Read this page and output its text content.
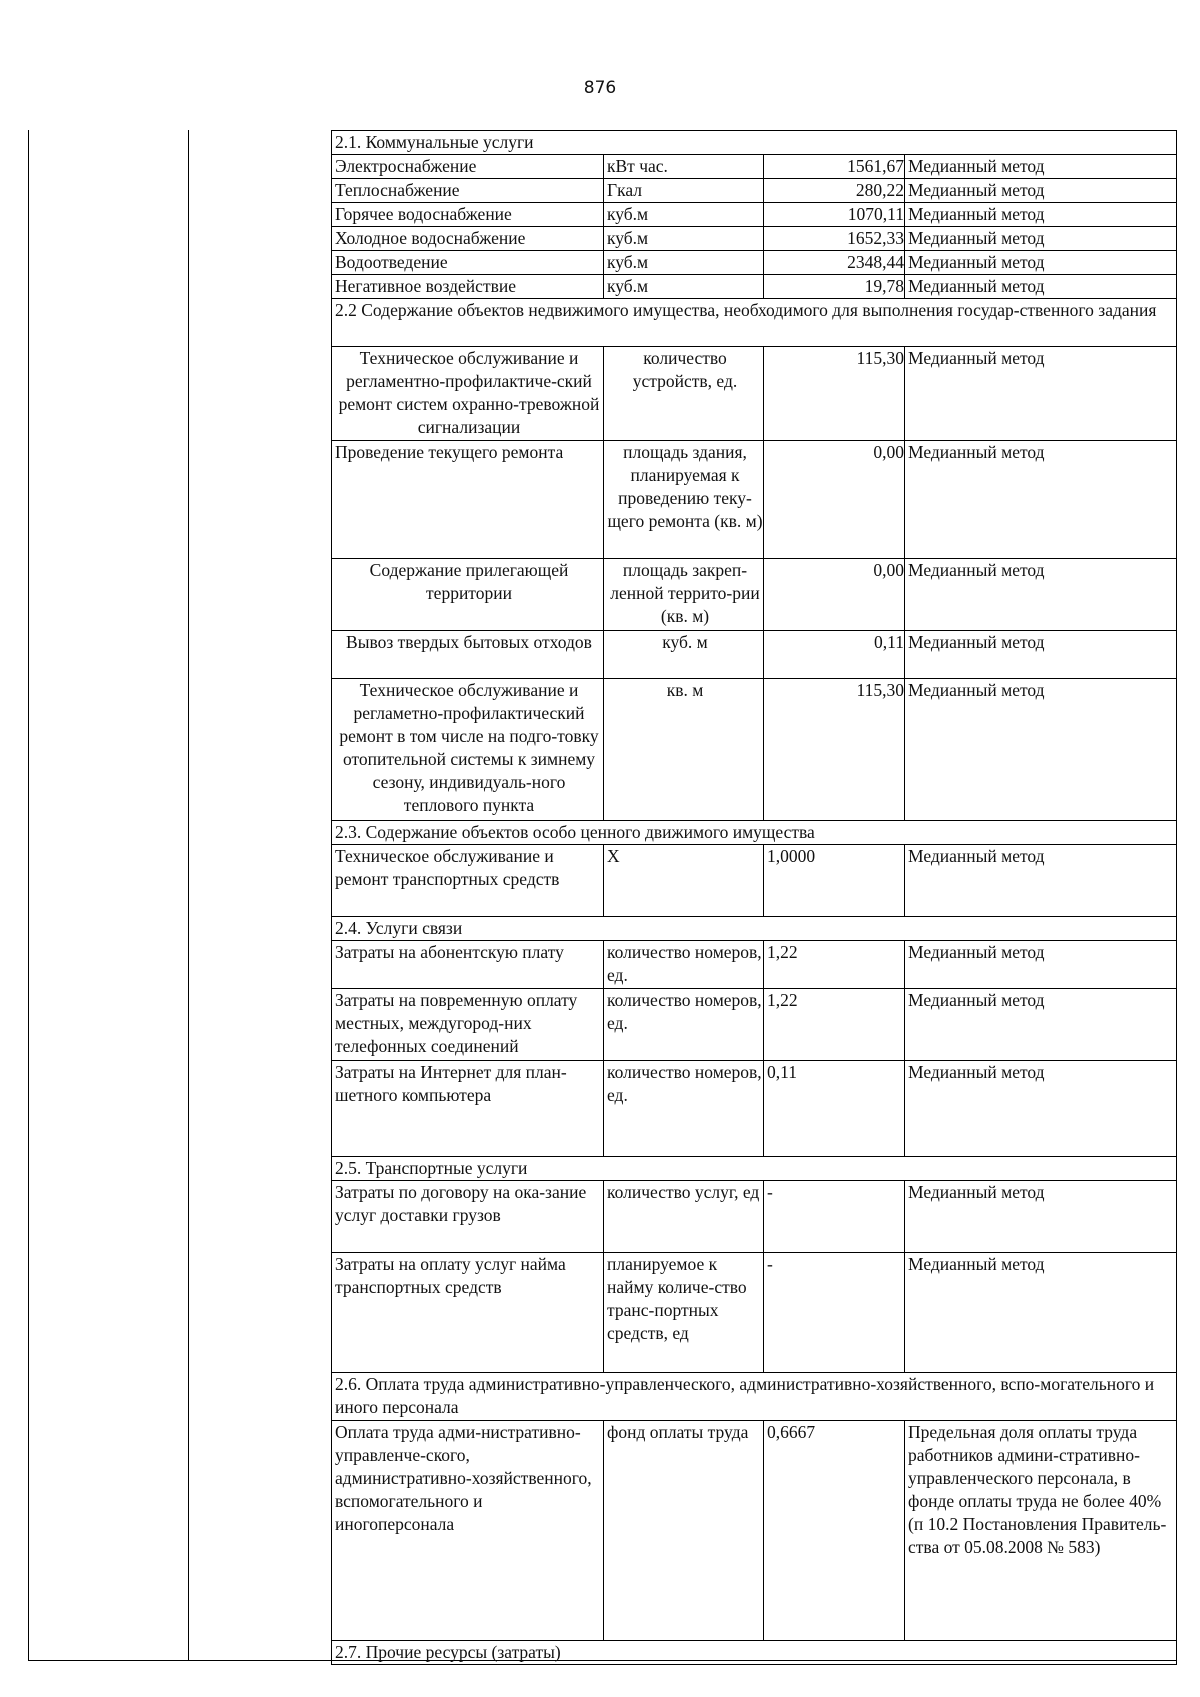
876
2.1. Коммунальные услуги			
Электроснабжение	кВт час.	1561,67	Медианный метод
Теплоснабжение	Гкал	280,22	Медианный метод
Горячее водоснабжение	куб.м	1070,11	Медианный метод
Холодное водоснабжение	куб.м	1652,33	Медианный метод
Водоотведение	куб.м	2348,44	Медианный метод
Негативное воздействие	куб.м	19,78	Медианный метод
2.2 Содержание объектов недвижимого имущества, необходимого для выполнения государ-ственного задания			
Техническое обслуживание и регламентно-профилактиче-ский ремонт систем охранно-тревожной сигнализации	количество устройств, ед.	115,30	Медианный метод
Проведение текущего ремонта	площадь здания, планируемая к проведению теку-щего ремонта (кв. м)	0,00	Медианный метод
Содержание прилегающей территории	площадь закреп-ленной террито-рии (кв. м)	0,00	Медианный метод
Вывоз твердых бытовых отходов	куб. м	0,11	Медианный метод
Техническое обслуживание и регламетно-профилактический ремонт в том числе на подго-товку отопительной системы к зимнему сезону, индивидуаль-ного теплового пункта	кв. м	115,30	Медианный метод
2.3. Содержание объектов особо ценного движимого имущества			
Техническое обслуживание и ремонт транспортных средств	Х	1,0000	Медианный метод
2.4. Услуги связи			
Затраты на абонентскую плату	количество номеров, ед.	1,22	Медианный метод
Затраты на повременную оплату местных, междугород-них телефонных соединений	количество номеров, ед.	1,22	Медианный метод
Затраты на Интернет для план-шетного компьютера	количество номеров, ед.	0,11	Медианный метод
2.5. Транспортные услуги			
Затраты по договору на ока-зание услуг доставки грузов	количество услуг, ед	-	Медианный метод
Затраты на оплату услуг найма транспортных средств	планируемое к найму количе-ство транс-портных средств, ед	-	Медианный метод
2.6. Оплата труда административно-управленческого, административно-хозяйственного, вспо-могательного и иного персонала			
Оплата труда адми-нистративно-управленче-ского, административно-хозяйственного, вспомогательного и иногоперсонала	фонд оплаты труда	0,6667	Предельная доля оплаты труда работников админи-стративно- управленческого персонала, в фонде оплаты труда не более 40% (п 10.2 Постановления Правитель-ства от 05.08.2008 № 583)
2.7. Прочие ресурсы (затраты)			
